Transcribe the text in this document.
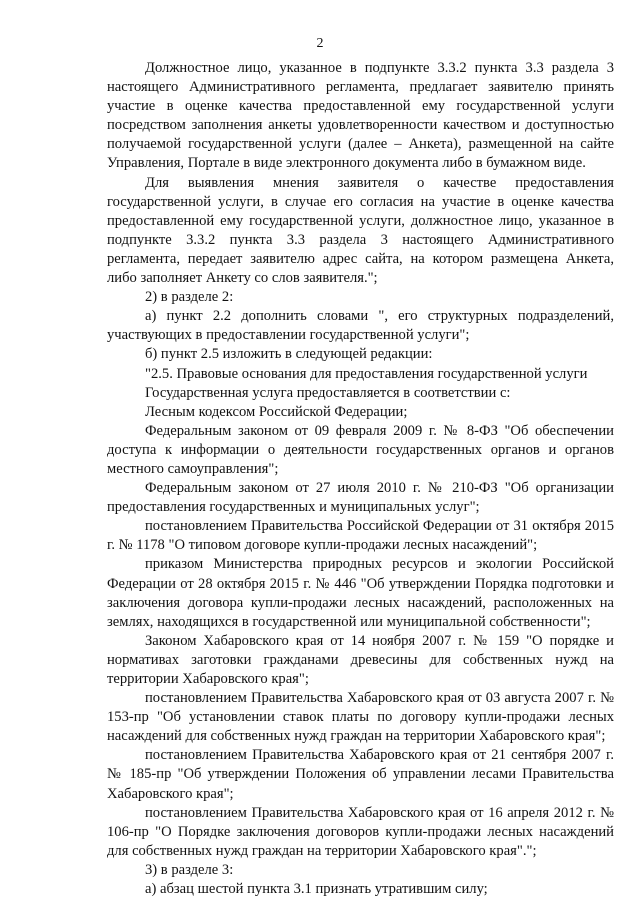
2

Должностное лицо, указанное в подпункте 3.3.2 пункта 3.3 раздела 3 настоящего Административного регламента, предлагает заявителю принять участие в оценке качества предоставленной ему государственной услуги посредством заполнения анкеты удовлетворенности качеством и доступностью получаемой государственной услуги (далее – Анкета), размещенной на сайте Управления, Портале в виде электронного документа либо в бумажном виде.

Для выявления мнения заявителя о качестве предоставления государственной услуги, в случае его согласия на участие в оценке качества предоставленной ему государственной услуги, должностное лицо, указанное в подпункте 3.3.2 пункта 3.3 раздела 3 настоящего Административного регламента, передает заявителю адрес сайта, на котором размещена Анкета, либо заполняет Анкету со слов заявителя.";

2) в разделе 2:

а) пункт 2.2 дополнить словами ", его структурных подразделений, участвующих в предоставлении государственной услуги";

б) пункт 2.5 изложить в следующей редакции:

"2.5. Правовые основания для предоставления государственной услуги

Государственная услуга предоставляется в соответствии с:

Лесным кодексом Российской Федерации;

Федеральным законом от 09 февраля 2009 г. № 8-ФЗ "Об обеспечении доступа к информации о деятельности государственных органов и органов местного самоуправления";

Федеральным законом от 27 июля 2010 г. № 210-ФЗ "Об организации предоставления государственных и муниципальных услуг";

постановлением Правительства Российской Федерации от 31 октября 2015 г. № 1178 "О типовом договоре купли-продажи лесных насаждений";

приказом Министерства природных ресурсов и экологии Российской Федерации от 28 октября 2015 г. № 446 "Об утверждении Порядка подготовки и заключения договора купли-продажи лесных насаждений, расположенных на землях, находящихся в государственной или муниципальной собственности";

Законом Хабаровского края от 14 ноября 2007 г. № 159 "О порядке и нормативах заготовки гражданами древесины для собственных нужд на территории Хабаровского края";

постановлением Правительства Хабаровского края от 03 августа 2007 г. № 153-пр "Об установлении ставок платы по договору купли-продажи лесных насаждений для собственных нужд граждан на территории Хабаровского края";

постановлением Правительства Хабаровского края от 21 сентября 2007 г. № 185-пр "Об утверждении Положения об управлении лесами Правительства Хабаровского края";

постановлением Правительства Хабаровского края от 16 апреля 2012 г. № 106-пр "О Порядке заключения договоров купли-продажи лесных насаждений для собственных нужд граждан на территории Хабаровского края".";

3) в разделе 3:

а) абзац шестой пункта 3.1 признать утратившим силу;
